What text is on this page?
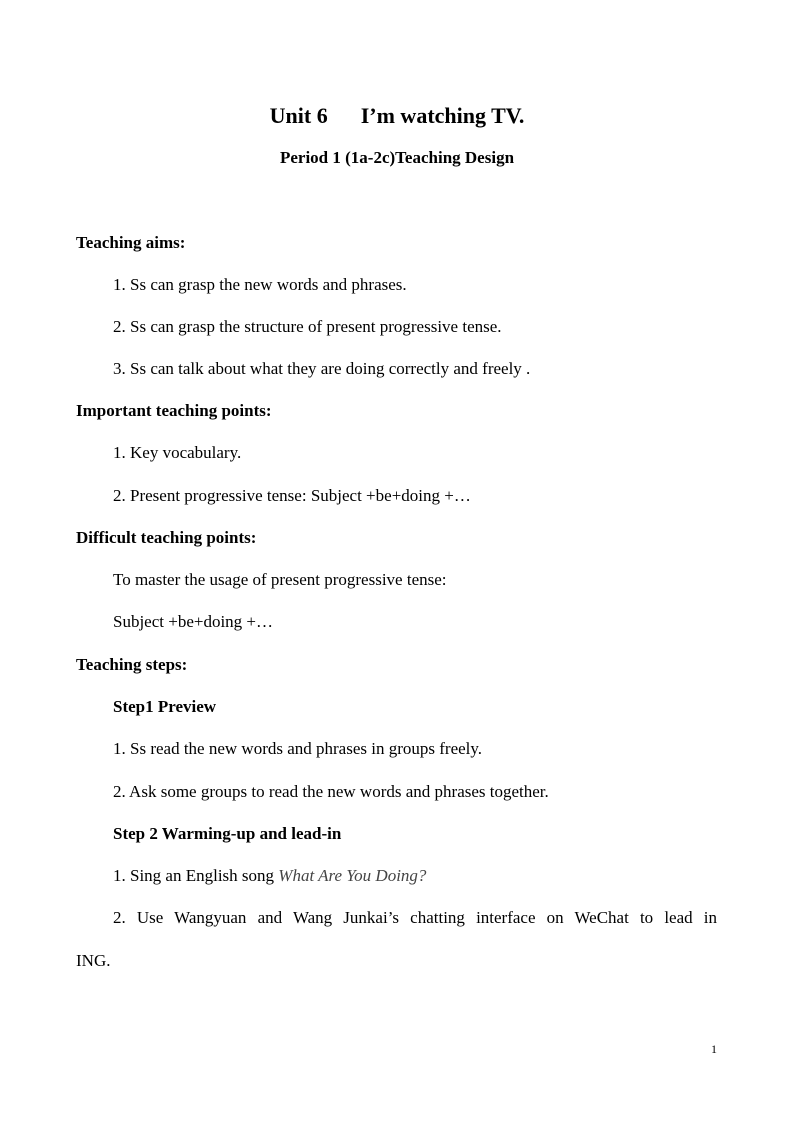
Unit 6 I’m watching TV.
Period 1 (1a-2c)Teaching Design
Teaching aims:
1. Ss can grasp the new words and phrases.
2. Ss can grasp the structure of present progressive tense.
3. Ss can talk about what they are doing correctly and freely .
Important teaching points:
1. Key vocabulary.
2. Present progressive tense: Subject +be+doing +…
Difficult teaching points:
To master the usage of present progressive tense:
Subject +be+doing +…
Teaching steps:
Step1 Preview
1. Ss read the new words and phrases in groups freely.
2. Ask some groups to read the new words and phrases together.
Step 2 Warming-up and lead-in
1. Sing an English song What Are You Doing?
2. Use Wangyuan and Wang Junkai’s chatting interface on WeChat to lead in
ING.
1
